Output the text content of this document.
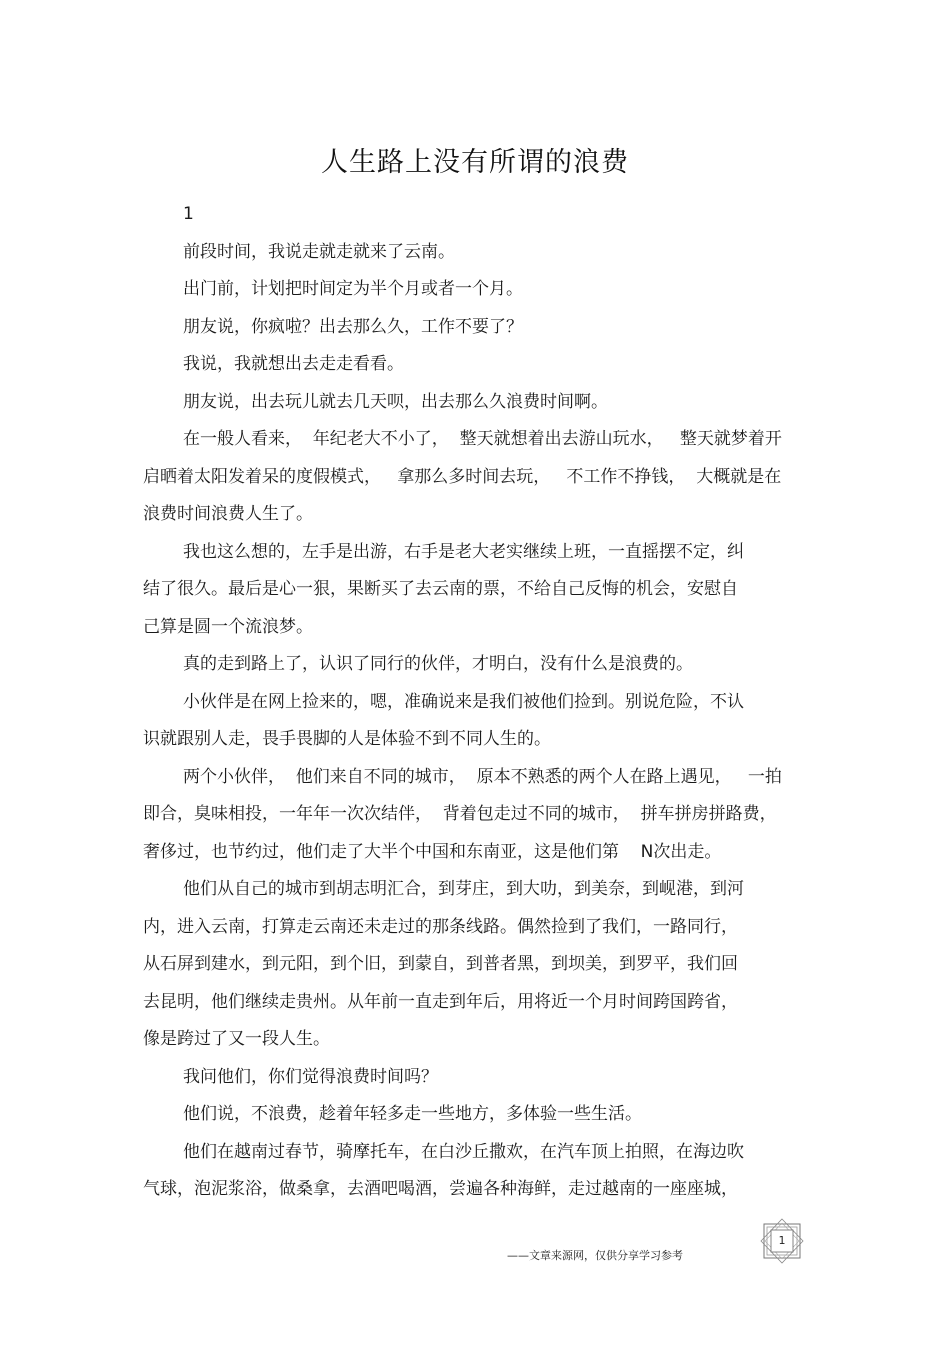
人生路上没有所谓的浪费
1
前段时间，我说走就走就来了云南。
出门前，计划把时间定为半个月或者一个月。
朋友说，你疯啦？出去那么久，工作不要了？
我说，我就想出去走走看看。
朋友说，出去玩儿就去几天呗，出去那么久浪费时间啊。
在一般人看来，  年纪老大不小了，  整天就想着出去游山玩水，   整天就梦着开
启晒着太阳发着呆的度假模式，   拿那么多时间去玩，   不工作不挣钱，  大概就是在
浪费时间浪费人生了。
我也这么想的，左手是出游，右手是老大老实继续上班，一直摇摆不定，纠
结了很久。最后是心一狠，果断买了去云南的票，不给自己反悔的机会，安慰自
己算是圆一个流浪梦。
真的走到路上了，认识了同行的伙伴，才明白，没有什么是浪费的。
小伙伴是在网上捡来的，嗯，准确说来是我们被他们捡到。别说危险，不认
识就跟别人走，畏手畏脚的人是体验不到不同人生的。
两个小伙伴，  他们来自不同的城市，  原本不熟悉的两个人在路上遇见，   一拍
即合，臭味相投，一年年一次次结伴，  背着包走过不同的城市，  拼车拼房拼路费，
奢侈过，也节约过，他们走了大半个中国和东南亚，这是他们第    N次出走。
他们从自己的城市到胡志明汇合，到芽庄，到大叻，到美奈，到岘港，到河
内，进入云南，打算走云南还未走过的那条线路。偶然捡到了我们，一路同行，
从石屏到建水，到元阳，到个旧，到蒙自，到普者黑，到坝美，到罗平，我们回
去昆明，他们继续走贵州。从年前一直走到年后，用将近一个月时间跨国跨省，
像是跨过了又一段人生。
我问他们，你们觉得浪费时间吗？
他们说，不浪费，趁着年轻多走一些地方，多体验一些生活。
他们在越南过春节，骑摩托车，在白沙丘撒欢，在汽车顶上拍照，在海边吹
气球，泡泥浆浴，做桑拿，去酒吧喝酒，尝遍各种海鲜，走过越南的一座座城，
——文章来源网，仅供分享学习参考
1
